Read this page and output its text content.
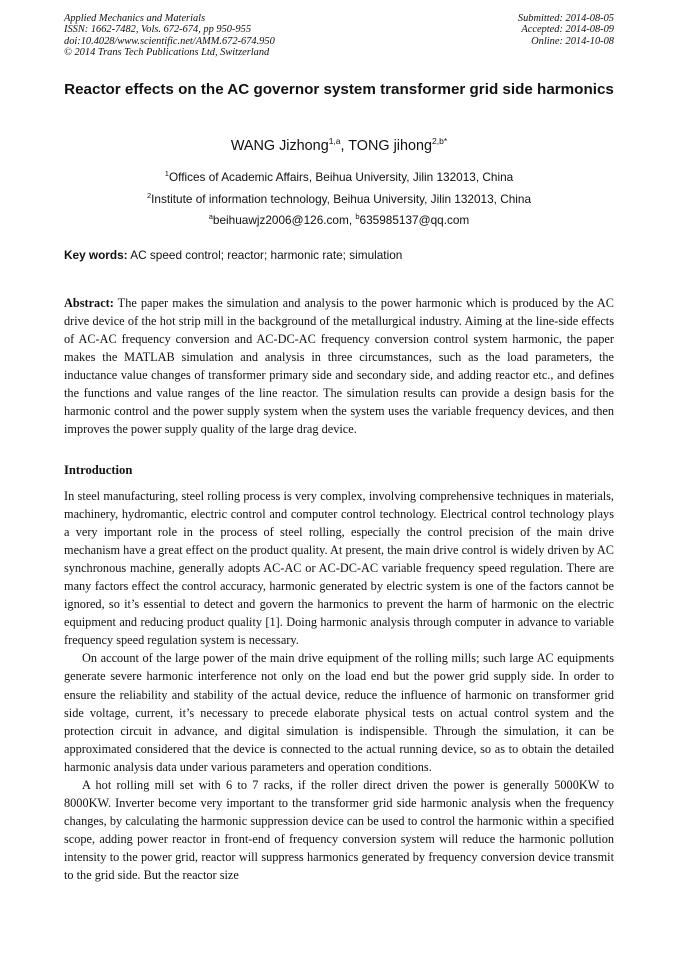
Applied Mechanics and Materials
ISSN: 1662-7482, Vols. 672-674, pp 950-955
doi:10.4028/www.scientific.net/AMM.672-674.950
© 2014 Trans Tech Publications Ltd, Switzerland
Submitted: 2014-08-05
Accepted: 2014-08-09
Online: 2014-10-08
Reactor effects on the AC governor system transformer grid side harmonics
WANG Jizhong$^{1,a}$, TONG jihong$^{2,b*}$
$^1$Offices of Academic Affairs, Beihua University, Jilin 132013, China
$^2$Institute of information technology, Beihua University, Jilin 132013, China
$^a$beihuawjz2006@126.com, $^b$635985137@qq.com
Key words: AC speed control; reactor; harmonic rate; simulation

Abstract: The paper makes the simulation and analysis to the power harmonic which is produced by the AC drive device of the hot strip mill in the background of the metallurgical industry. Aiming at the line-side effects of AC-AC frequency conversion and AC-DC-AC frequency conversion control system harmonic, the paper makes the MATLAB simulation and analysis in three circumstances, such as the load parameters, the inductance value changes of transformer primary side and secondary side, and adding reactor etc., and defines the functions and value ranges of the line reactor. The simulation results can provide a design basis for the harmonic control and the power supply system when the system uses the variable frequency devices, and then improves the power supply quality of the large drag device.

Introduction

In steel manufacturing, steel rolling process is very complex, involving comprehensive techniques in materials, machinery, hydromantic, electric control and computer control technology. Electrical control technology plays a very important role in the process of steel rolling, especially the control precision of the main drive mechanism have a great effect on the product quality. At present, the main drive control is widely driven by AC synchronous machine, generally adopts AC-AC or AC-DC-AC variable frequency speed regulation. There are many factors effect the control accuracy, harmonic generated by electric system is one of the factors cannot be ignored, so it’s essential to detect and govern the harmonics to prevent the harm of harmonic on the electric equipment and reducing product quality [1]. Doing harmonic analysis through computer in advance to variable frequency speed regulation system is necessary.

On account of the large power of the main drive equipment of the rolling mills; such large AC equipments generate severe harmonic interference not only on the load end but the power grid supply side. In order to ensure the reliability and stability of the actual device, reduce the influence of harmonic on transformer grid side voltage, current, it’s necessary to precede elaborate physical tests on actual control system and the protection circuit in advance, and digital simulation is indispensible. Through the simulation, it can be approximated considered that the device is connected to the actual running device, so as to obtain the detailed harmonic analysis data under various parameters and operation conditions.

A hot rolling mill set with 6 to 7 racks, if the roller direct driven the power is generally 5000KW to 8000KW. Inverter become very important to the transformer grid side harmonic analysis when the frequency changes, by calculating the harmonic suppression device can be used to control the harmonic within a specified scope, adding power reactor in front-end of frequency conversion system will reduce the harmonic pollution intensity to the power grid, reactor will suppress harmonics generated by frequency conversion device transmit to the grid side. But the reactor size
